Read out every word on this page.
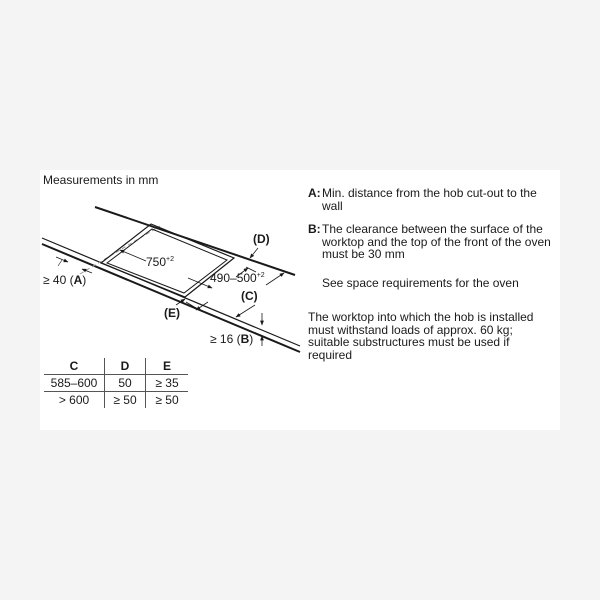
Measurements in mm
$750^{+2}$
$490-500^{+2}$
(D)
(C)
(E)
≥ 40 (A)
≥ 16 (B)
A: Min. distance from the hob cut-out to the wall
B: The clearance between the surface of the worktop and the top of the front of the oven must be 30 mm
See space requirements for the oven
The worktop into which the hob is installed must withstand loads of approx. 60 kg; suitable substructures must be used if required
C	D	E
585–600	50	≥ 35
> 600	≥ 50	≥ 50
